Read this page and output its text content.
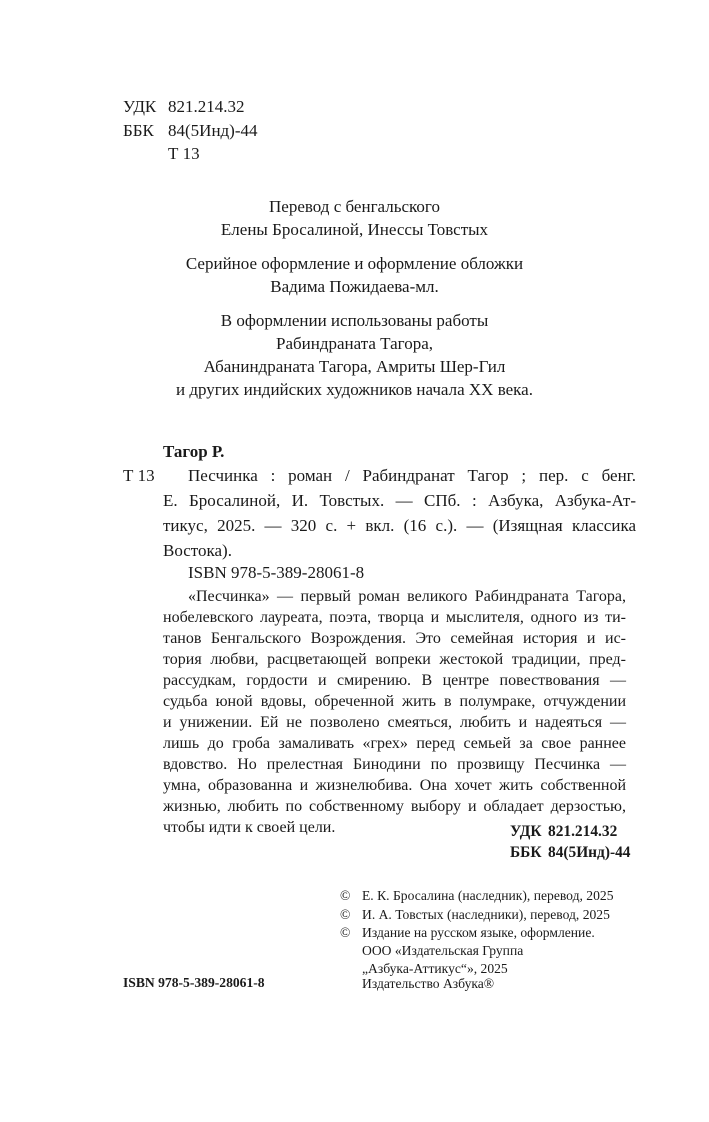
УДК 821.214.32
ББК 84(5Инд)-44
Т 13
Перевод с бенгальского
Елены Бросалиной, Инессы Товстых
Серийное оформление и оформление обложки
Вадима Пожидаева-мл.
В оформлении использованы работы
Рабиндраната Тагора,
Абаниндраната Тагора, Амриты Шер-Гил
и других индийских художников начала XX века.
Тагор Р.
Т 13 Песчинка : роман / Рабиндранат Тагор ; пер. с бенг.
Е. Бросалиной, И. Товстых. — СПб. : Азбука, Азбука-Ат-
тикус, 2025. — 320 с. + вкл. (16 с.). — (Изящная классика
Востока).
ISBN 978-5-389-28061-8
«Песчинка» — первый роман великого Рабиндраната Тагора,
нобелевского лауреата, поэта, творца и мыслителя, одного из ти-
танов Бенгальского Возрождения. Это семейная история и ис-
тория любви, расцветающей вопреки жестокой традиции, пред-
рассудкам, гордости и смирению. В центре повествования —
судьба юной вдовы, обреченной жить в полумраке, отчуждении
и унижении. Ей не позволено смеяться, любить и надеяться —
лишь до гроба замаливать «грех» перед семьей за свое раннее
вдовство. Но прелестная Бинодини по прозвищу Песчинка —
умна, образованна и жизнелюбива. Она хочет жить собственной
жизнью, любить по собственному выбору и обладает дерзостью,
чтобы идти к своей цели.	УДК 821.214.32
ББК 84(5Инд)-44
ISBN 978-5-389-28061-8
© Е. К. Бросалина (наследник), перевод, 2025
© И. А. Товстых (наследники), перевод, 2025
© Издание на русском языке, оформление.
ООО «Издательская Группа
„Азбука-Аттикус“», 2025
Издательство Азбука®
